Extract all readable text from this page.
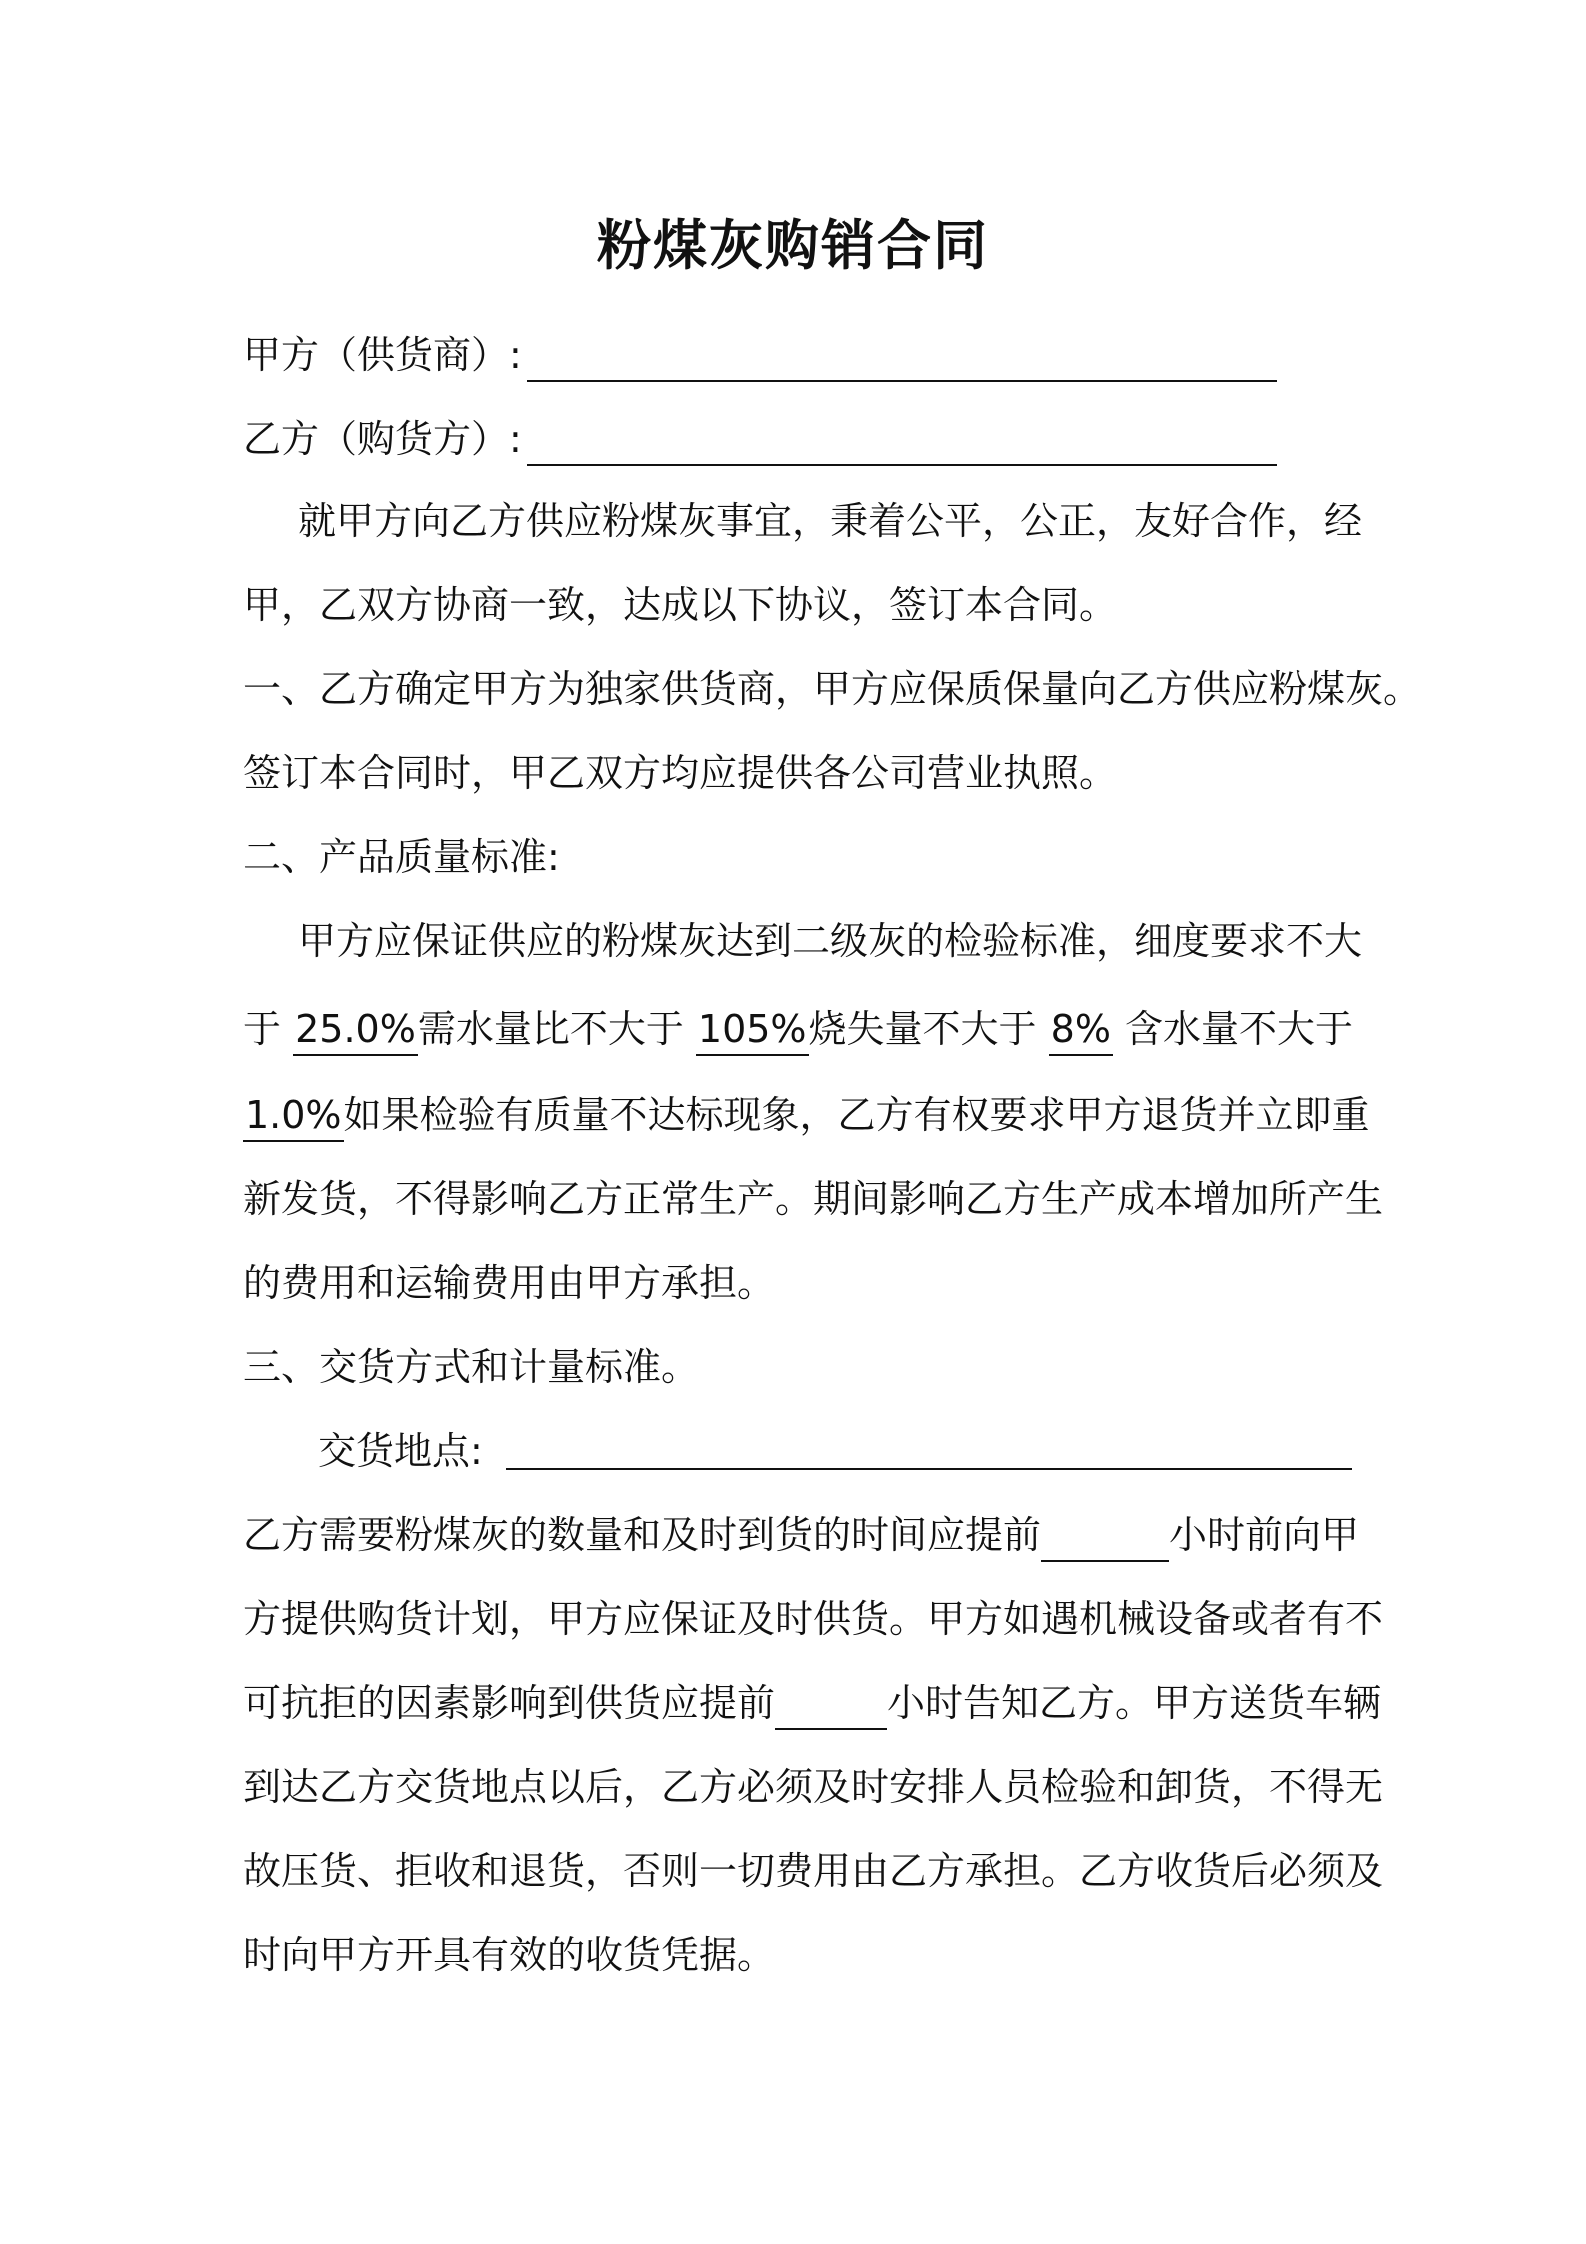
粉煤灰购销合同
甲方（供货商）:
乙方（购货方）:
就甲方向乙方供应粉煤灰事宜，秉着公平，公正，友好合作，经
甲，乙双方协商一致，达成以下协议，签订本合同。
一、乙方确定甲方为独家供货商，甲方应保质保量向乙方供应粉煤灰。
签订本合同时，甲乙双方均应提供各公司营业执照。
二、产品质量标准:
甲方应保证供应的粉煤灰达到二级灰的检验标准，细度要求不大
于 25.0%需水量比不大于 105%烧失量不大于 8% 含水量不大于
1.0%如果检验有质量不达标现象，乙方有权要求甲方退货并立即重
新发货，不得影响乙方正常生产。期间影响乙方生产成本增加所产生
的费用和运输费用由甲方承担。
三、交货方式和计量标准。
交货地点:
乙方需要粉煤灰的数量和及时到货的时间应提前	小时前向甲
方提供购货计划，甲方应保证及时供货。甲方如遇机械设备或者有不
可抗拒的因素影响到供货应提前	小时告知乙方。甲方送货车辆
到达乙方交货地点以后，乙方必须及时安排人员检验和卸货，不得无
故压货、拒收和退货，否则一切费用由乙方承担。乙方收货后必须及
时向甲方开具有效的收货凭据。
